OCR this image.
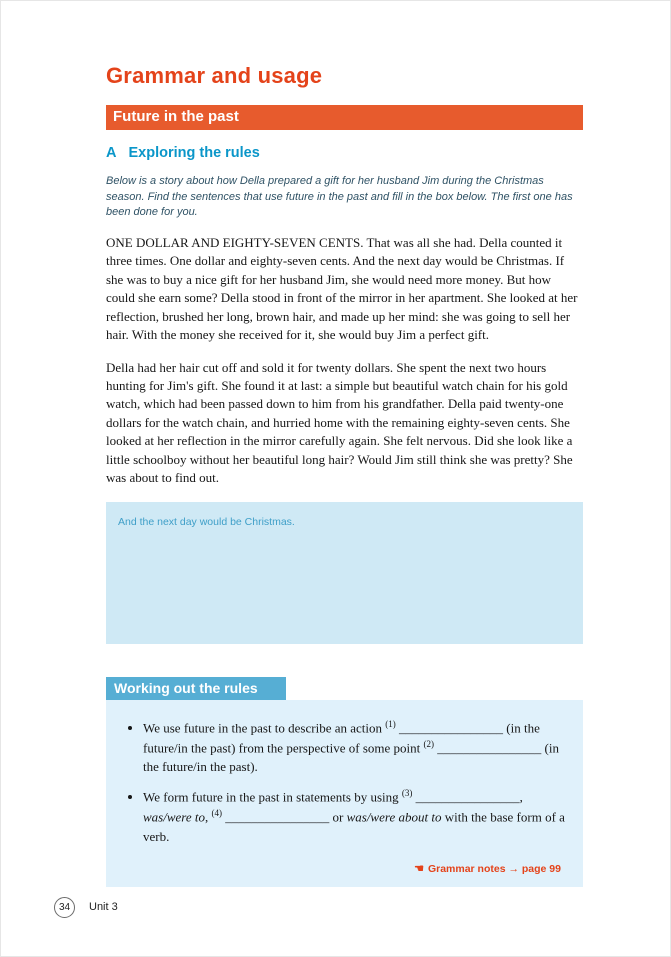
Grammar and usage
Future in the past
A Exploring the rules

Below is a story about how Della prepared a gift for her husband Jim during the Christmas season. Find the sentences that use future in the past and fill in the box below. The first one has been done for you.

ONE DOLLAR AND EIGHTY-SEVEN CENTS. That was all she had. Della counted it three times. One dollar and eighty-seven cents. And the next day would be Christmas. If she was to buy a nice gift for her husband Jim, she would need more money. But how could she earn some? Della stood in front of the mirror in her apartment. She looked at her reflection, brushed her long, brown hair, and made up her mind: she was going to sell her hair. With the money she received for it, she would buy Jim a perfect gift.

Della had her hair cut off and sold it for twenty dollars. She spent the next two hours hunting for Jim's gift. She found it at last: a simple but beautiful watch chain for his gold watch, which had been passed down to him from his grandfather. Della paid twenty-one dollars for the watch chain, and hurried home with the remaining eighty-seven cents. She looked at her reflection in the mirror carefully again. She felt nervous. Did she look like a little schoolboy without her beautiful long hair? Would Jim still think she was pretty? She was about to find out.

And the next day would be Christmas.
Working out the rules
• We use future in the past to describe an action $^{(1)}$ ________________ (in the future/in the past) from the perspective of some point $^{(2)}$ ________________ (in the future/in the past).
• We form future in the past in statements by using $^{(3)}$ ________________, was/were to, $^{(4)}$ ________________ or was/were about to with the base form of a verb.
☚ Grammar notes → page 99
34	Unit 3
